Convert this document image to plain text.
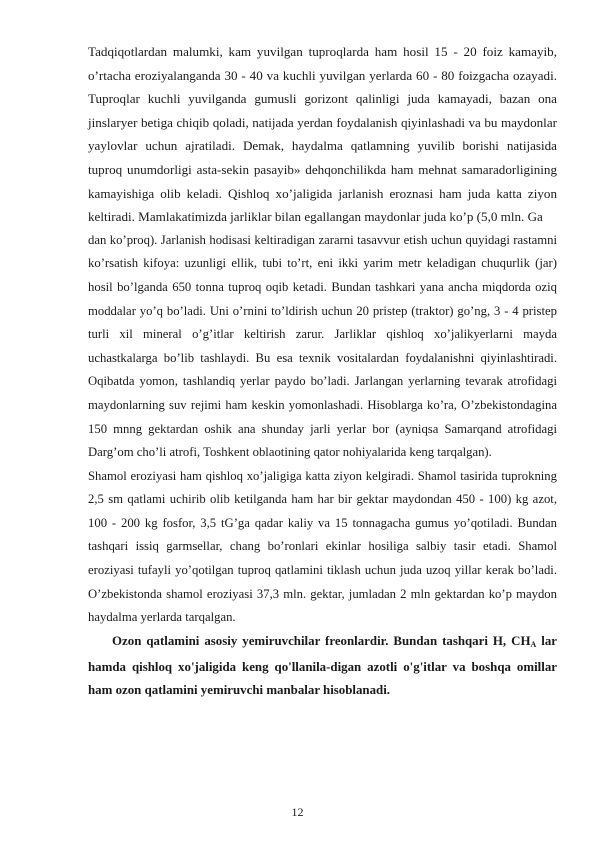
Tadqiqotlardan malumki, kam yuvilgan tuproqlarda ham hosil 15 - 20 foiz kamayib, o’rtacha eroziyalanganda 30 - 40 va kuchli yuvilgan yerlarda 60 - 80 foizgacha ozayadi. Tuproqlar kuchli yuvilganda gumusli gorizont qalinligi juda kamayadi, bazan ona jinslaryer betiga chiqib qoladi, natijada yerdan foydalanish qiyinlashadi va bu maydonlar yaylovlar uchun ajratiladi. Demak, haydalma qatlamning yuvilib borishi natijasida tuproq unumdorligi asta-sekin pasayib» dehqonchilikda ham mehnat samaradorligining kamayishiga olib keladi. Qishloq xo’jaligida jarlanish eroznasi ham juda katta ziyon keltiradi. Mamlakatimizda jarliklar bilan egallangan maydonlar juda ko’p (5,0 mln. Ga

dan ko’proq). Jarlanish hodisasi keltiradigan zararni tasavvur etish uchun quyidagi rastamni ko’rsatish kifoya: uzunligi ellik, tubi to’rt, eni ikki yarim metr keladigan chuqurlik (jar) hosil bo’lganda 650 tonna tuproq oqib ketadi. Bundan tashkari yana ancha miqdorda oziq moddalar yo’q bo’ladi. Uni o’rnini to’ldirish uchun 20 pristep (traktor) go’ng, 3 - 4 pristep turli xil mineral o’g’itlar keltirish zarur. Jarliklar qishloq xo’jalikyerlarni mayda uchastkalarga bo’lib tashlaydi. Bu esa texnik vositalardan foydalanishni qiyinlashtiradi. Oqibatda yomon, tashlandiq yerlar paydo bo’ladi. Jarlangan yerlarning tevarak atrofidagi maydonlarning suv rejimi ham keskin yomonlashadi. Hisoblarga ko’ra, O’zbekistondagina 150 mnng gektardan oshik ana shunday jarli yerlar bor (ayniqsa Samarqand atrofidagi Darg’om cho’li atrofi, Toshkent oblaotining qator nohiyalarida keng tarqalgan).

Shamol eroziyasi ham qishloq xo’jaligiga katta ziyon kelgiradi. Shamol tasirida tuprokning 2,5 sm qatlami uchirib olib ketilganda ham har bir gektar maydondan 450 - 100) kg azot, 100 - 200 kg fosfor, 3,5 tG’ga qadar kaliy va 15 tonnagacha gumus yo’qotiladi. Bundan tashqari issiq garmsellar, chang bo’ronlari ekinlar hosiliga salbiy tasir etadi. Shamol eroziyasi tufayli yo’qotilgan tuproq qatlamini tiklash uchun juda uzoq yillar kerak bo’ladi. O’zbekistonda shamol eroziyasi 37,3 mln. gektar, jumladan 2 mln gektardan ko’p maydon haydalma yerlarda tarqalgan.

Ozon qatlamini asosiy yemiruvchilar freonlardir. Bundan tashqari H, $CH_A$ lar hamda qishloq xo'jaligida keng qo'llanila-digan azotli o'g'itlar va boshqa omillar ham ozon qatlamini yemiruvchi manbalar hisoblanadi.

12
